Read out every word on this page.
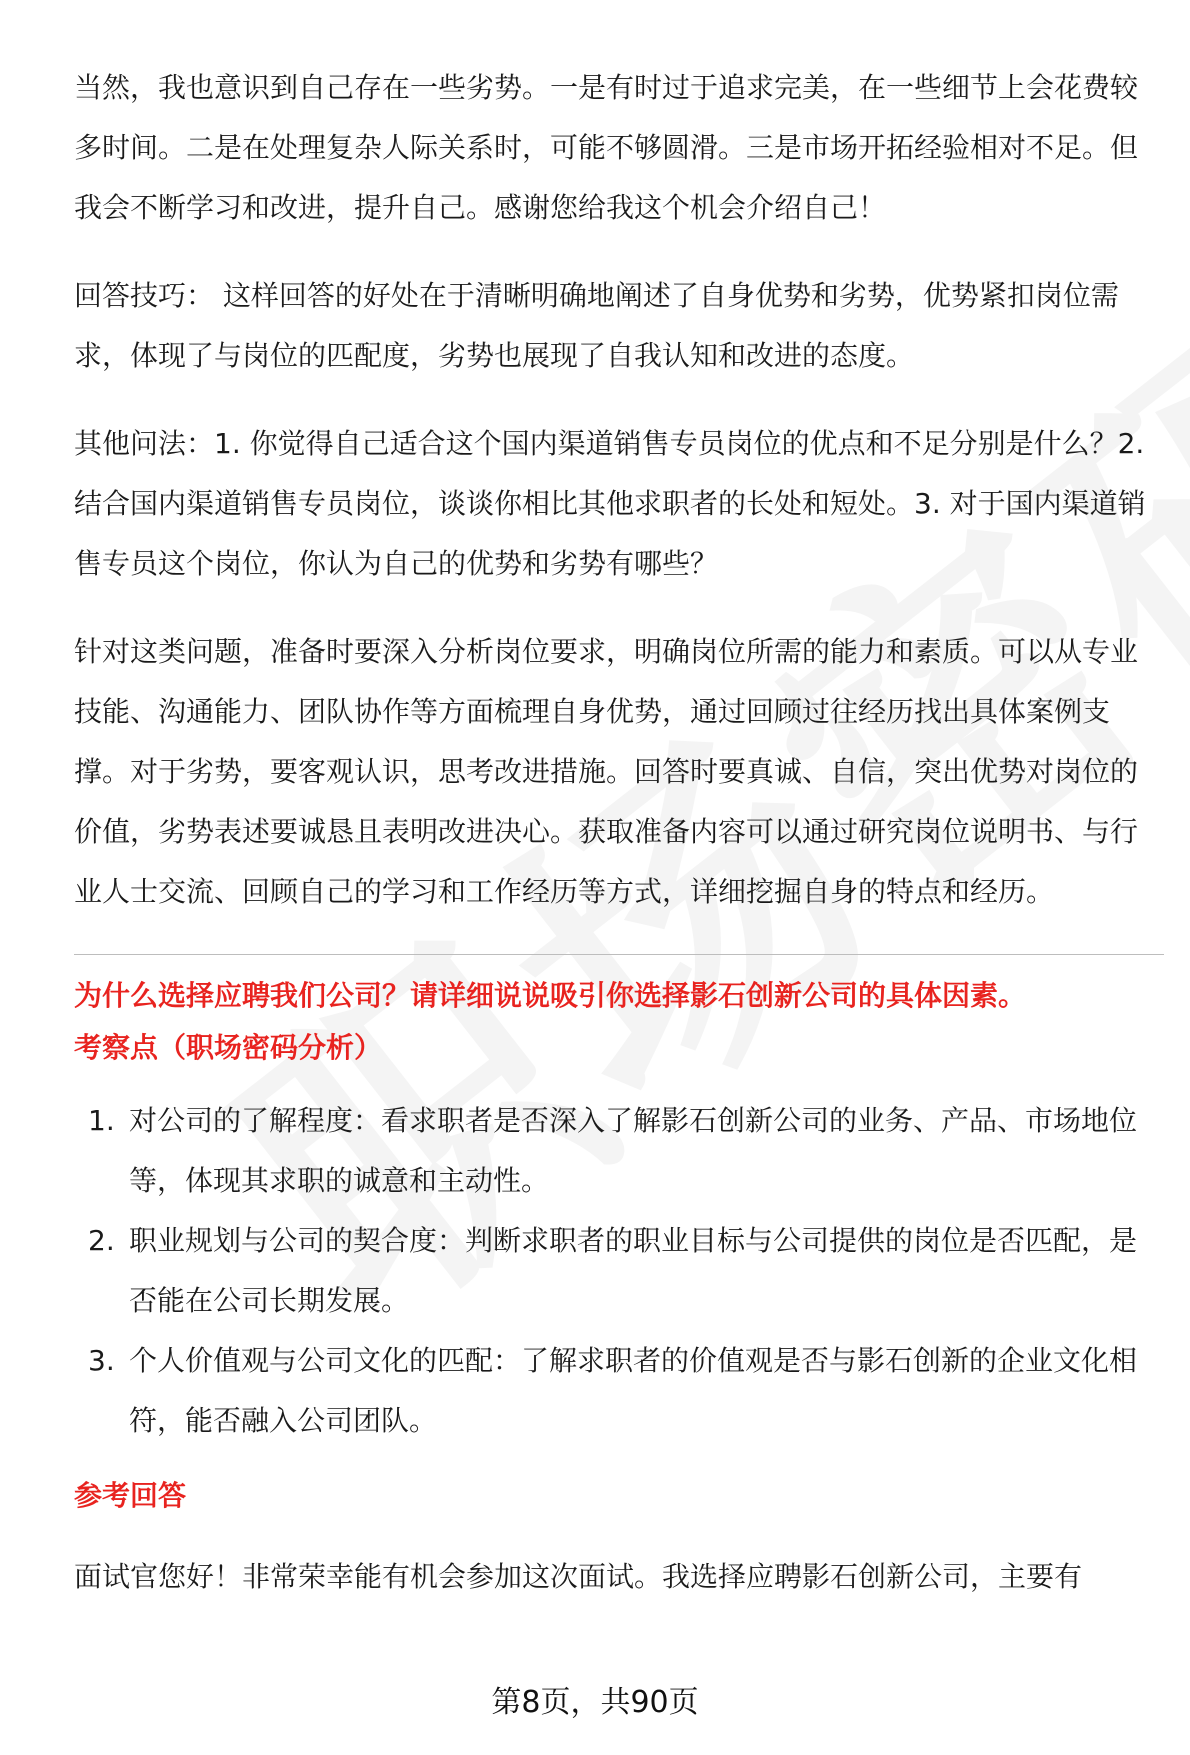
当然，我也意识到自己存在一些劣势。一是有时过于追求完美，在一些细节上会花费较多时间。二是在处理复杂人际关系时，可能不够圆滑。三是市场开拓经验相对不足。但我会不断学习和改进，提升自己。感谢您给我这个机会介绍自己！

回答技巧： 这样回答的好处在于清晰明确地阐述了自身优势和劣势，优势紧扣岗位需求，体现了与岗位的匹配度，劣势也展现了自我认知和改进的态度。

其他问法：1. 你觉得自己适合这个国内渠道销售专员岗位的优点和不足分别是什么？2. 结合国内渠道销售专员岗位，谈谈你相比其他求职者的长处和短处。3. 对于国内渠道销售专员这个岗位，你认为自己的优势和劣势有哪些？

针对这类问题，准备时要深入分析岗位要求，明确岗位所需的能力和素质。可以从专业技能、沟通能力、团队协作等方面梳理自身优势，通过回顾过往经历找出具体案例支撑。对于劣势，要客观认识，思考改进措施。回答时要真诚、自信，突出优势对岗位的价值，劣势表述要诚恳且表明改进决心。获取准备内容可以通过研究岗位说明书、与行业人士交流、回顾自己的学习和工作经历等方式，详细挖掘自身的特点和经历。

为什么选择应聘我们公司？请详细说说吸引你选择影石创新公司的具体因素。

考察点（职场密码分析）

1. 对公司的了解程度：看求职者是否深入了解影石创新公司的业务、产品、市场地位等，体现其求职的诚意和主动性。
2. 职业规划与公司的契合度：判断求职者的职业目标与公司提供的岗位是否匹配，是否能在公司长期发展。
3. 个人价值观与公司文化的匹配：了解求职者的价值观是否与影石创新的企业文化相符，能否融入公司团队。

参考回答

面试官您好！非常荣幸能有机会参加这次面试。我选择应聘影石创新公司，主要有

第8页，共90页
